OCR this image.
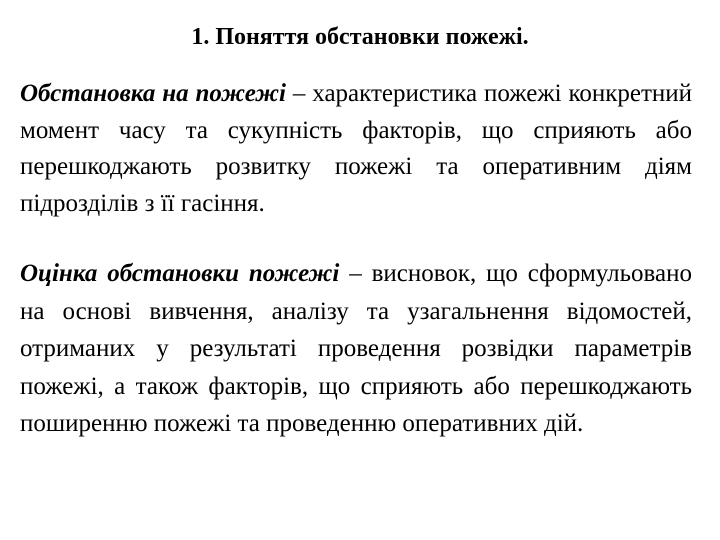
1. Поняття обстановки пожежі.

Обстановка на пожежі – характеристика пожежі конкретний момент часу та сукупність факторів, що сприяють або перешкоджають розвитку пожежі та оперативним діям підрозділів з її гасіння.

Оцінка обстановки пожежі – висновок, що сформульовано на основі вивчення, аналізу та узагальнення відомостей, отриманих у результаті проведення розвідки параметрів пожежі, а також факторів, що сприяють або перешкоджають поширенню пожежі та проведенню оперативних дій.
